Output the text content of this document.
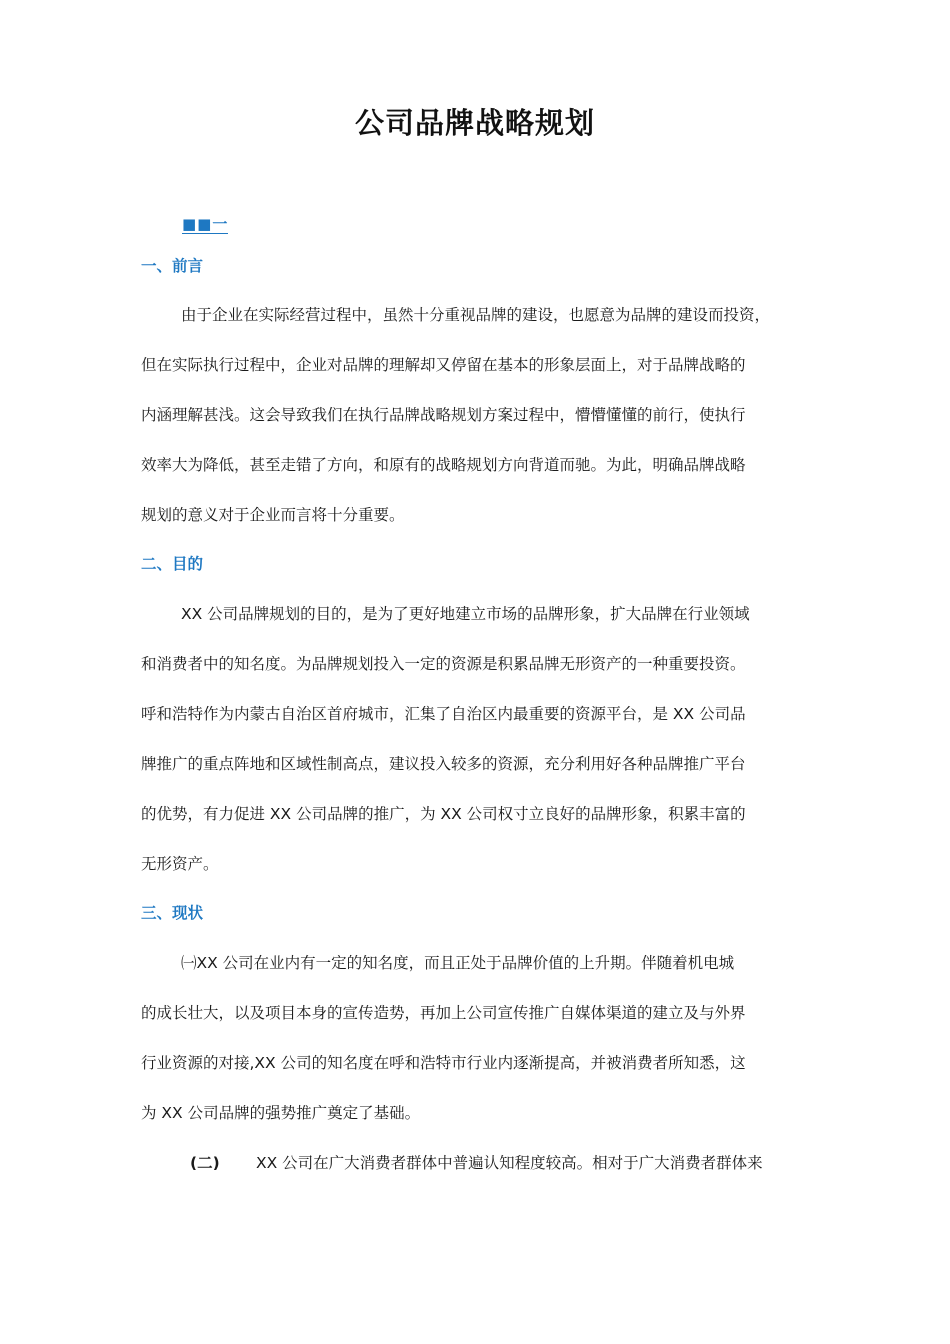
公司品牌战略规划
■■一
一、前言
由于企业在实际经营过程中，虽然十分重视品牌的建设，也愿意为品牌的建设而投资，
但在实际执行过程中，企业对品牌的理解却又停留在基本的形象层面上，对于品牌战略的
内涵理解甚浅。这会导致我们在执行品牌战略规划方案过程中，懵懵懂懂的前行，使执行
效率大为降低，甚至走错了方向，和原有的战略规划方向背道而驰。为此，明确品牌战略
规划的意义对于企业而言将十分重要。
二、目的
XX 公司品牌规划的目的，是为了更好地建立市场的品牌形象，扩大品牌在行业领域
和消费者中的知名度。为品牌规划投入一定的资源是积累品牌无形资产的一种重要投资。
呼和浩特作为内蒙古自治区首府城市，汇集了自治区内最重要的资源平台，是 XX 公司品
牌推广的重点阵地和区域性制高点，建议投入较多的资源，充分利用好各种品牌推广平台
的优势，有力促进 XX 公司品牌的推广，为 XX 公司权寸立良好的品牌形象，积累丰富的
无形资产。
三、现状
㈠XX 公司在业内有一定的知名度，而且正处于品牌价值的上升期。伴随着机电城
的成长壮大，以及项目本身的宣传造势，再加上公司宣传推广自媒体渠道的建立及与外界
行业资源的对接,XX 公司的知名度在呼和浩特市行业内逐渐提高，并被消费者所知悉，这
为 XX 公司品牌的强势推广奠定了基础。
(二) XX 公司在广大消费者群体中普遍认知程度较高。相对于广大消费者群体来
